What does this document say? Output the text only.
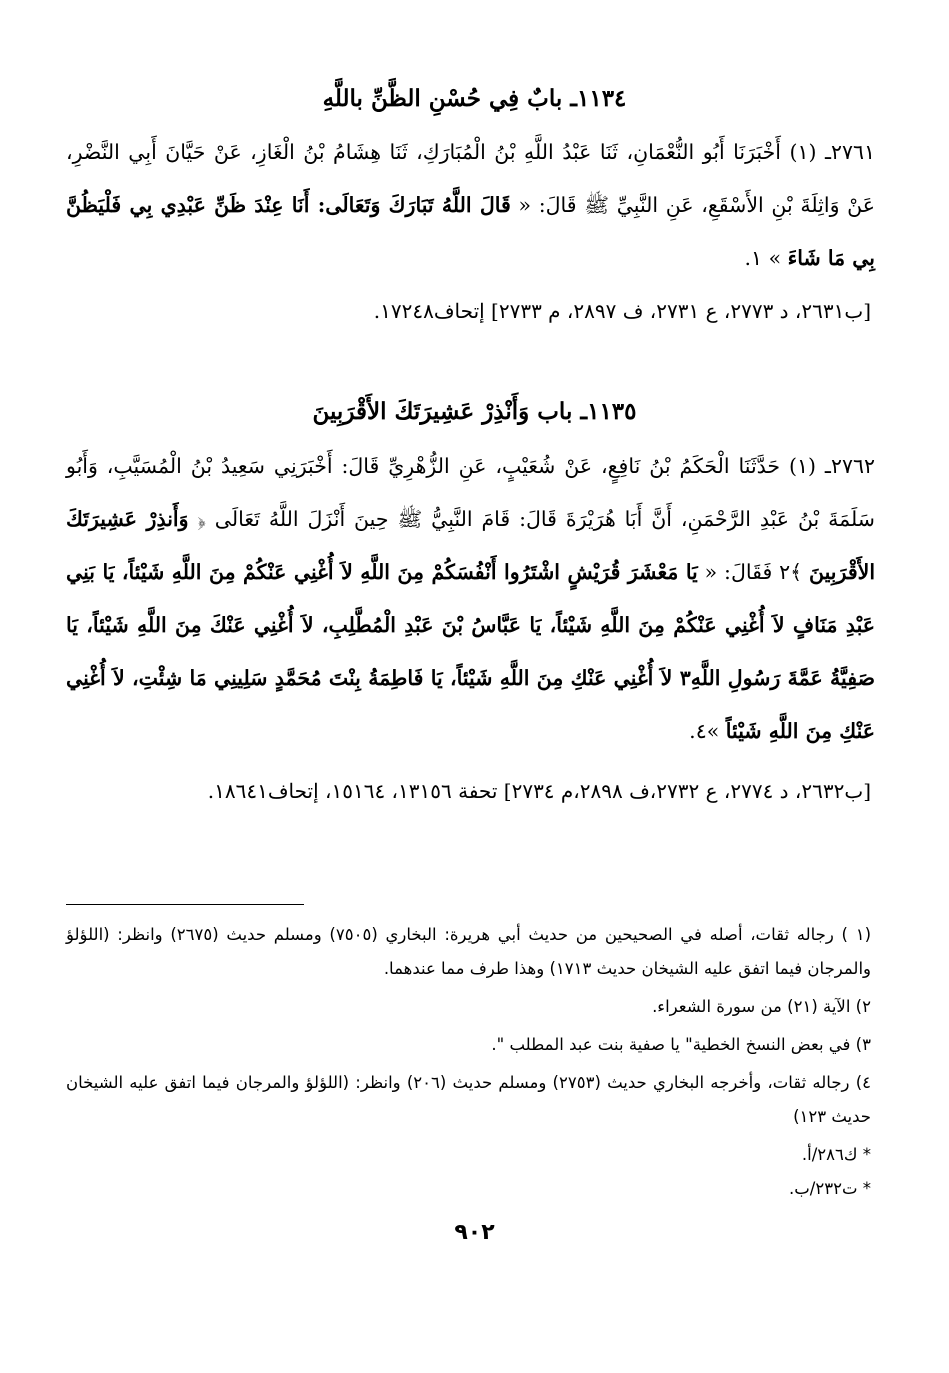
١١٣٤ـ بابٌ فِي حُسْنِ الظَّنِّ باللَّهِ
٢٧٦١ـ (١) أَخْبَرَنَا أَبُو النُّعْمَانِ، ثَنَا عَبْدُ اللَّهِ بْنُ الْمُبَارَكِ، ثَنَا هِشَامُ بْنُ الْغَازِ، عَنْ حَيَّانَ أَبِي النَّضْرِ، عَنْ وَاثِلَةَ بْنِ الأَسْقَعِ، عَنِ النَّبِيِّ ﷺ قَالَ: « قَالَ اللَّهُ تَبَارَكَ وَتَعَالَى: أَنَا عِنْدَ ظَنِّ عَبْدِي بِي فَلْيَظُنَّ بِي مَا شَاءَ » ١.
[ب٢٦٣١، د ٢٧٧٣، ع ٢٧٣١، ف ٢٨٩٧، م ٢٧٣٣] إتحاف١٧٢٤٨.
١١٣٥ـ باب وَأَنْذِرْ عَشِيرَتَكَ الأَقْرَبِينَ
٢٧٦٢ـ (١) حَدَّثَنَا الْحَكَمُ بْنُ نَافِعٍ، عَنْ شُعَيْبٍ، عَنِ الزُّهْرِيِّ قَالَ: أَخْبَرَنِي سَعِيدُ بْنُ الْمُسَيَّبِ، وَأَبُو سَلَمَةَ بْنُ عَبْدِ الرَّحْمَنِ، أَنَّ أَبَا هُرَيْرَةَ قَالَ: قَامَ النَّبِيُّ ﷺ حِينَ أَنْزَلَ اللَّهُ تَعَالَى ﴿ وَأَنذِرْ عَشِيرَتَكَ الأَقْرَبِينَ ﴾٢ فَقَالَ: « يَا مَعْشَرَ قُرَيْشٍ اشْتَرُوا أَنْفُسَكُمْ مِنَ اللَّهِ لاَ أُغْنِي عَنْكُمْ مِنَ اللَّهِ شَيْئاً، يَا بَنِي عَبْدِ مَنَافٍ لاَ أُغْنِي عَنْكُمْ مِنَ اللَّهِ شَيْئاً، يَا عَبَّاسُ بْنَ عَبْدِ الْمُطَّلِبِ، لاَ أُغْنِي عَنْكَ مِنَ اللَّهِ شَيْئاً، يَا صَفِيَّةُ عَمَّةَ رَسُولِ اللَّهِ٣ لاَ أُغْنِي عَنْكِ مِنَ اللَّهِ شَيْئاً، يَا فَاطِمَةُ بِنْتَ مُحَمَّدٍ سَلِينِي مَا شِئْتِ، لاَ أُغْنِي عَنْكِ مِنَ اللَّهِ شَيْئاً »٤.
[ب٢٦٣٢، د ٢٧٧٤، ع ٢٧٣٢،ف ٢٨٩٨،م ٢٧٣٤] تحفة ١٣١٥٦، ١٥١٦٤، إتحاف١٨٦٤١.

(١ ) رجاله ثقات، أصله في الصحيحين من حديث أبي هريرة: البخاري (٧٥٠٥) ومسلم حديث (٢٦٧٥) وانظر: (اللؤلؤ والمرجان فيما اتفق عليه الشيخان حديث ١٧١٣) وهذا طرف مما عندهما.

٢) الآية (٢١) من سورة الشعراء.

٣) في بعض النسخ الخطية" يا صفية بنت عبد المطلب ".

٤) رجاله ثقات، وأخرجه البخاري حديث (٢٧٥٣) ومسلم حديث (٢٠٦) وانظر: (اللؤلؤ والمرجان فيما اتفق عليه الشيخان حديث ١٢٣)

* ك٢٨٦/أ.

* ت٢٣٢/ب.

٩٠٢
